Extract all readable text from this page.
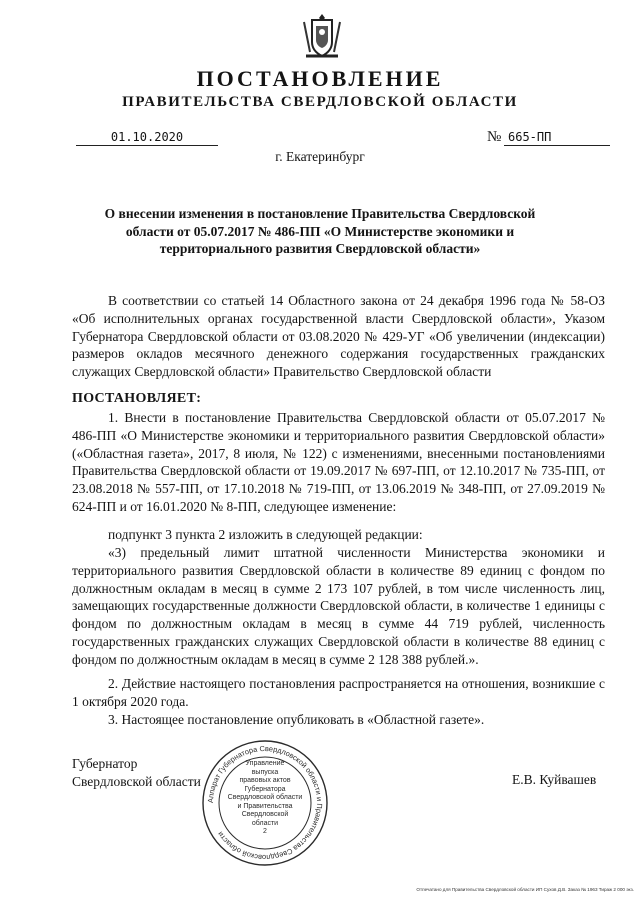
ПОСТАНОВЛЕНИЕ
ПРАВИТЕЛЬСТВА СВЕРДЛОВСКОЙ ОБЛАСТИ
01.10.2020	№ 665-ПП
г. Екатеринбург
О внесении изменения в постановление Правительства Свердловской области от 05.07.2017 № 486-ПП «О Министерстве экономики и территориального развития Свердловской области»

В соответствии со статьей 14 Областного закона от 24 декабря 1996 года № 58-ОЗ «Об исполнительных органах государственной власти Свердловской области», Указом Губернатора Свердловской области от 03.08.2020 № 429-УГ «Об увеличении (индексации) размеров окладов месячного денежного содержания государственных гражданских служащих Свердловской области» Правительство Свердловской области

ПОСТАНОВЛЯЕТ:

1. Внести в постановление Правительства Свердловской области от 05.07.2017 № 486-ПП «О Министерстве экономики и территориального развития Свердловской области» («Областная газета», 2017, 8 июля, № 122) с изменениями, внесенными постановлениями Правительства Свердловской области от 19.09.2017 № 697-ПП, от 12.10.2017 № 735-ПП, от 23.08.2018 № 557-ПП, от 17.10.2018 № 719-ПП, от 13.06.2019 № 348-ПП, от 27.09.2019 № 624-ПП и от 16.01.2020 № 8-ПП, следующее изменение:

подпункт 3 пункта 2 изложить в следующей редакции:

«3) предельный лимит штатной численности Министерства экономики и территориального развития Свердловской области в количестве 89 единиц с фондом по должностным окладам в месяц в сумме 2 173 107 рублей, в том числе численность лиц, замещающих государственные должности Свердловской области, в количестве 1 единицы с фондом по должностным окладам в месяц в сумме 44 719 рублей, численность государственных гражданских служащих Свердловской области в количестве 88 единиц с фондом по должностным окладам в месяц в сумме 2 128 388 рублей.».

2. Действие настоящего постановления распространяется на отношения, возникшие с 1 октября 2020 года.

3. Настоящее постановление опубликовать в «Областной газете».

Аппарат Губернатора Свердловской области и Правительства Свердловской области
Управление
выпуска
правовых актов
Губернатора
Свердловской области
и Правительства
Свердловской
области
2
Губернатор
Свердловской области	Е.В. Куйвашев
Отпечатано для Правительства Свердловской области ИП Сухов Д.В. Заказ № 1963 Тираж 2 000 экз.
